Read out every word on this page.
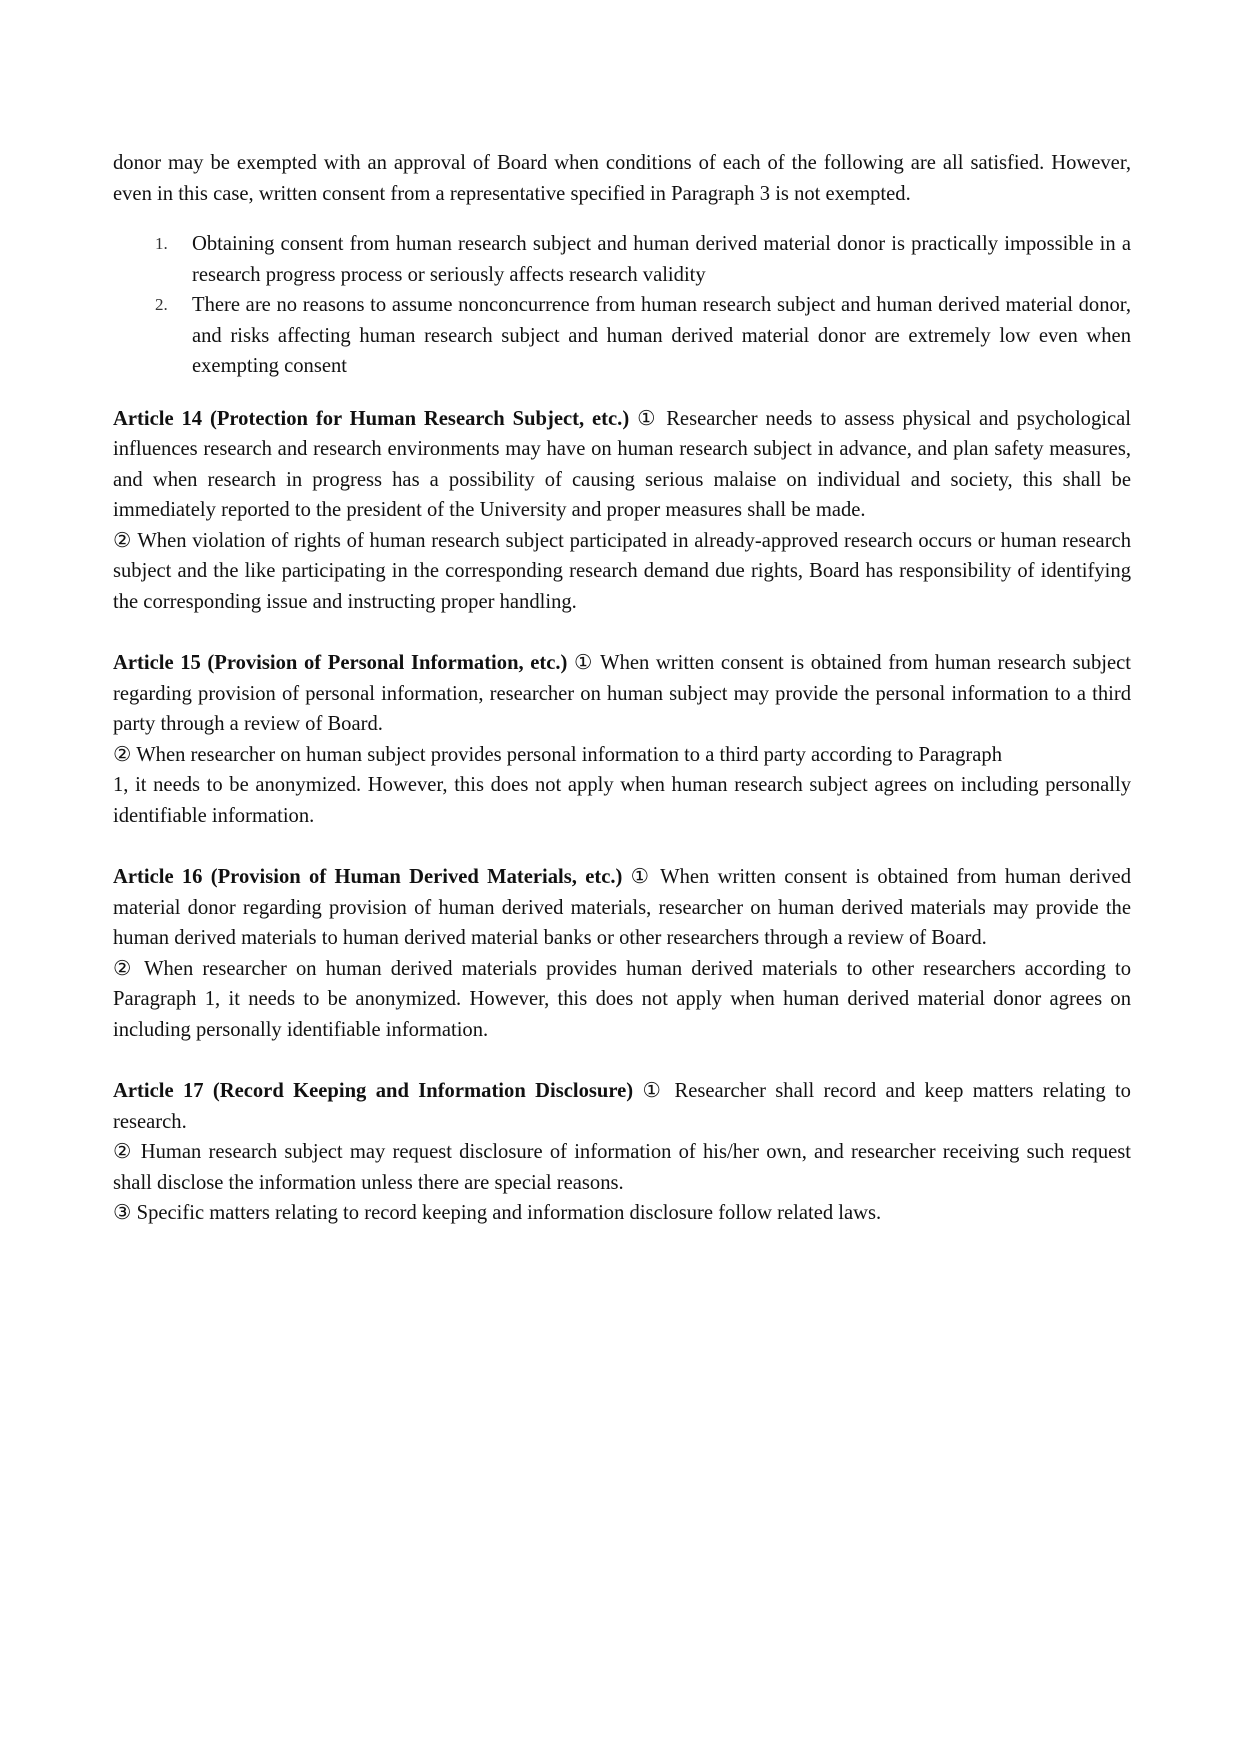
donor may be exempted with an approval of Board when conditions of each of the following are all satisfied. However, even in this case, written consent from a representative specified in Paragraph 3 is not exempted.

1. Obtaining consent from human research subject and human derived material donor is practically impossible in a research progress process or seriously affects research validity
2. There are no reasons to assume nonconcurrence from human research subject and human derived material donor, and risks affecting human research subject and human derived material donor are extremely low even when exempting consent

Article 14 (Protection for Human Research Subject, etc.) ① Researcher needs to assess physical and psychological influences research and research environments may have on human research subject in advance, and plan safety measures, and when research in progress has a possibility of causing serious malaise on individual and society, this shall be immediately reported to the president of the University and proper measures shall be made.

② When violation of rights of human research subject participated in already-approved research occurs or human research subject and the like participating in the corresponding research demand due rights, Board has responsibility of identifying the corresponding issue and instructing proper handling.

Article 15 (Provision of Personal Information, etc.) ① When written consent is obtained from human research subject regarding provision of personal information, researcher on human subject may provide the personal information to a third party through a review of Board.

② When researcher on human subject provides personal information to a third party according to Paragraph

1, it needs to be anonymized. However, this does not apply when human research subject agrees on including personally identifiable information.

Article 16 (Provision of Human Derived Materials, etc.) ① When written consent is obtained from human derived material donor regarding provision of human derived materials, researcher on human derived materials may provide the human derived materials to human derived material banks or other researchers through a review of Board.

② When researcher on human derived materials provides human derived materials to other researchers according to Paragraph 1, it needs to be anonymized. However, this does not apply when human derived material donor agrees on including personally identifiable information.

Article 17 (Record Keeping and Information Disclosure) ① Researcher shall record and keep matters relating to research.

② Human research subject may request disclosure of information of his/her own, and researcher receiving such request shall disclose the information unless there are special reasons.

③ Specific matters relating to record keeping and information disclosure follow related laws.
